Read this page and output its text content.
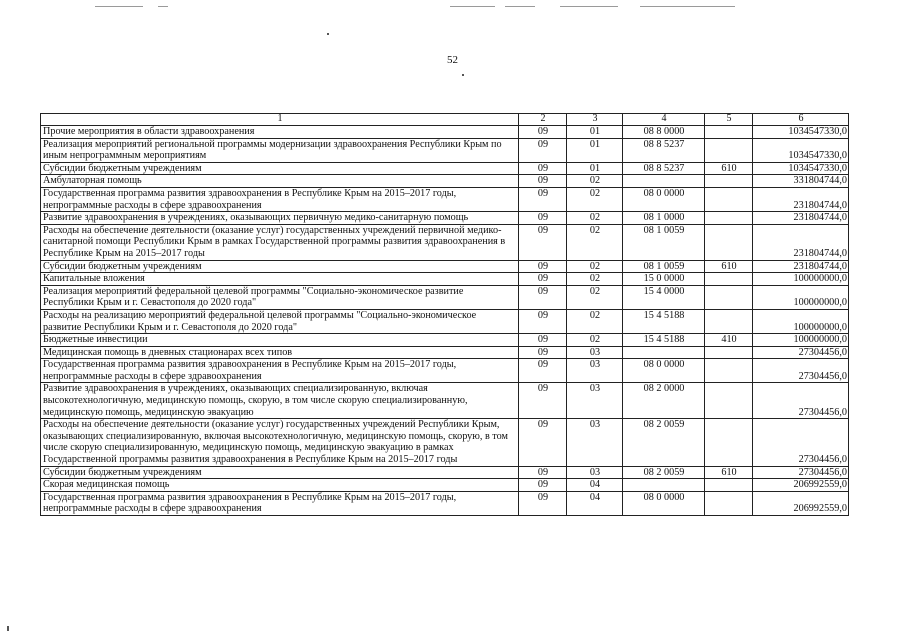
52
1	2	3	4	5	6
Прочие мероприятия в области здравоохранения	09	01	08 8 0000		1034547330,0
Реализация мероприятий региональной программы модернизации здравоохранения Республики Крым по иным непрограммным мероприятиям	09	01	08 8 5237		1034547330,0
Субсидии бюджетным учреждениям	09	01	08 8 5237	610	1034547330,0
Амбулаторная помощь	09	02			331804744,0
Государственная программа развития здравоохранения в Республике Крым на 2015–2017 годы, непрограммные расходы в сфере здравоохранения	09	02	08 0 0000		231804744,0
Развитие здравоохранения в учреждениях, оказывающих первичную медико-санитарную помощь	09	02	08 1 0000		231804744,0
Расходы на обеспечение деятельности (оказание услуг) государственных учреждений первичной медико-санитарной помощи Республики Крым в рамках Государственной программы развития здравоохранения в Республике Крым на 2015–2017 годы	09	02	08 1 0059		231804744,0
Субсидии бюджетным учреждениям	09	02	08 1 0059	610	231804744,0
Капитальные вложения	09	02	15 0 0000		100000000,0
Реализация мероприятий федеральной целевой программы "Социально-экономическое развитие Республики Крым и г. Севастополя до 2020 года"	09	02	15 4 0000		100000000,0
Расходы на реализацию мероприятий федеральной целевой программы "Социально-экономическое развитие Республики Крым и г. Севастополя до 2020 года"	09	02	15 4 5188		100000000,0
Бюджетные инвестиции	09	02	15 4 5188	410	100000000,0
Медицинская помощь в дневных стационарах всех типов	09	03			27304456,0
Государственная программа развития здравоохранения в Республике Крым на 2015–2017 годы, непрограммные расходы в сфере здравоохранения	09	03	08 0 0000		27304456,0
Развитие здравоохранения в учреждениях, оказывающих специализированную, включая высокотехнологичную, медицинскую помощь, скорую, в том числе скорую специализированную, медицинскую помощь, медицинскую эвакуацию	09	03	08 2 0000		27304456,0
Расходы на обеспечение деятельности (оказание услуг) государственных учреждений Республики Крым, оказывающих специализированную, включая высокотехнологичную, медицинскую помощь, скорую, в том числе скорую специализированную, медицинскую помощь, медицинскую эвакуацию в рамках Государственной программы развития здравоохранения в Республике Крым на 2015–2017 годы	09	03	08 2 0059		27304456,0
Субсидии бюджетным учреждениям	09	03	08 2 0059	610	27304456,0
Скорая медицинская помощь	09	04			206992559,0
Государственная программа развития здравоохранения в Республике Крым на 2015–2017 годы, непрограммные расходы в сфере здравоохранения	09	04	08 0 0000		206992559,0
